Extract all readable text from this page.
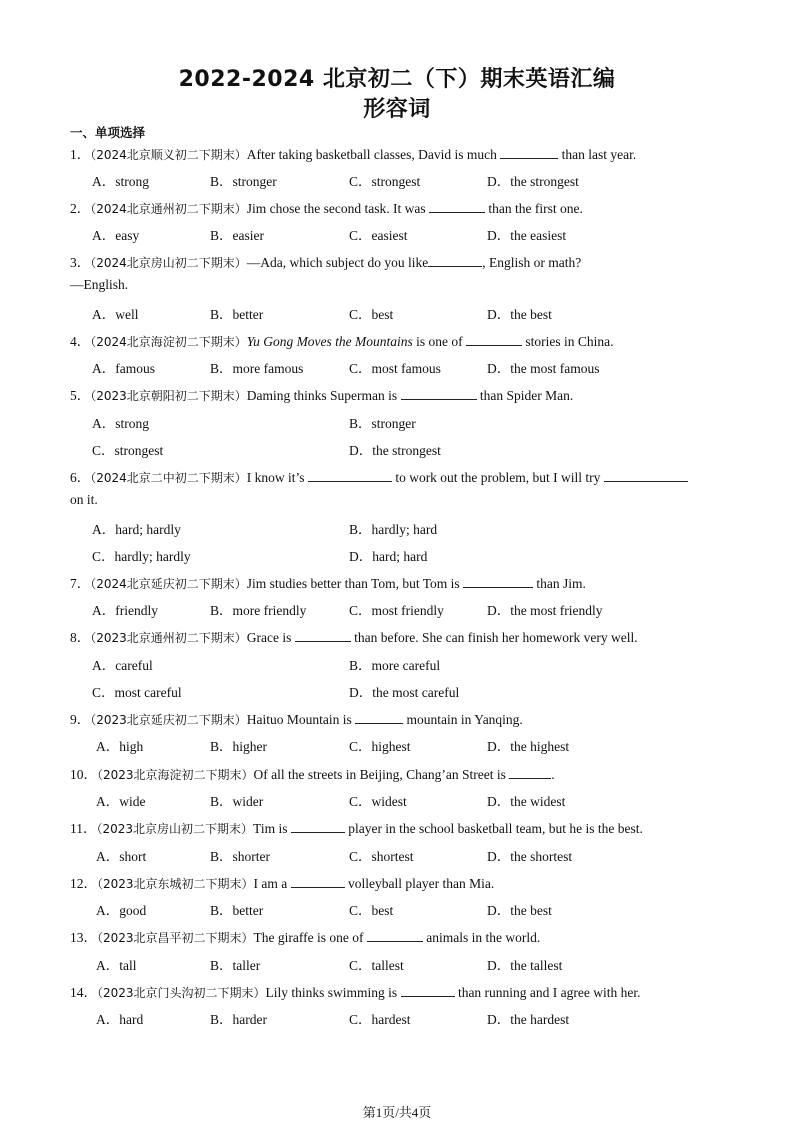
2022-2024 北京初二（下）期末英语汇编
形容词
一、单项选择
1．（2024北京顺义初二下期末）After taking basketball classes, David is much	than last year.
A．strong	B．stronger	C．strongest	D．the strongest
2．（2024北京通州初二下期末）Jim chose the second task. It was	than the first one.
A．easy	B．easier	C．easiest	D．the easiest
3．（2024北京房山初二下期末）—Ada, which subject do you like	, English or math?
—English.
A．well	B．better	C．best	D．the best
4．（2024北京海淀初二下期末）Yu Gong Moves the Mountains is one of	stories in China.
A．famous	B．more famous	C．most famous	D．the most famous
5．（2023北京朝阳初二下期末）Daming thinks Superman is	than Spider Man.
A．strong	B．stronger
C．strongest	D．the strongest
6．（2024北京二中初二下期末）I know it’s	to work out the problem, but I will try
on it.
A．hard; hardly	B．hardly; hard
C．hardly; hardly	D．hard; hard
7．（2024北京延庆初二下期末）Jim studies better than Tom, but Tom is	than Jim.
A．friendly	B．more friendly	C．most friendly	D．the most friendly
8．（2023北京通州初二下期末）Grace is	than before. She can finish her homework very well.
A．careful	B．more careful
C．most careful	D．the most careful
9．（2023北京延庆初二下期末）Haituo Mountain is	mountain in Yanqing.
A．high	B．higher	C．highest	D．the highest
10．（2023北京海淀初二下期末）Of all the streets in Beijing, Chang’an Street is	.
A．wide	B．wider	C．widest	D．the widest
11．（2023北京房山初二下期末）Tim is	player in the school basketball team, but he is the best.
A．short	B．shorter	C．shortest	D．the shortest
12．（2023北京东城初二下期末）I am a	volleyball player than Mia.
A．good	B．better	C．best	D．the best
13．（2023北京昌平初二下期末）The giraffe is one of	animals in the world.
A．tall	B．taller	C．tallest	D．the tallest
14．（2023北京门头沟初二下期末）Lily thinks swimming is	than running and I agree with her.
A．hard	B．harder	C．hardest	D．the hardest
第1页/共4页
